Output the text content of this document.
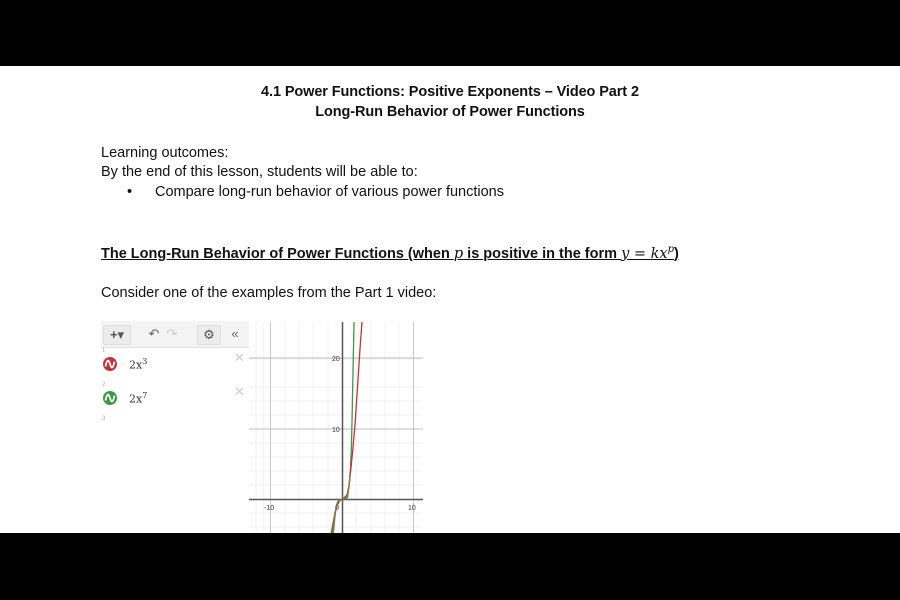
4.1 Power Functions: Positive Exponents – Video Part 2
Long-Run Behavior of Power Functions
Learning outcomes:
By the end of this lesson, students will be able to:
• Compare long-run behavior of various power functions
The Long-Run Behavior of Power Functions (when p is positive in the form $y = kx^p$)
Consider one of the examples from the Part 1 video:
+▾	↶ ↷	⚙	«
1
$2x^3$	✕
2
$2x^7$	✕
3
-10	0	10
20
10
